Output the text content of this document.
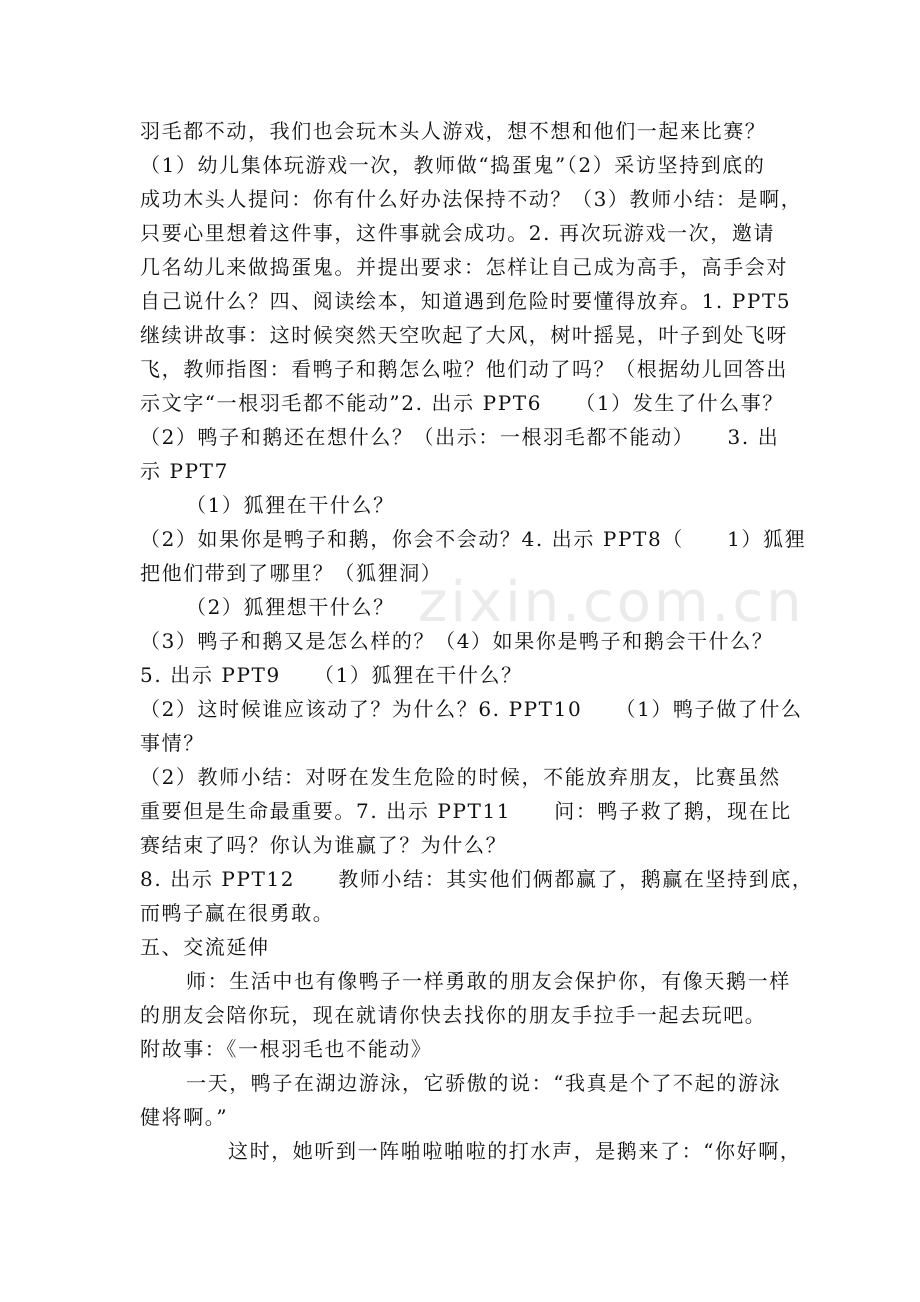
zixin.com.cn
羽毛都不动，我们也会玩木头人游戏，想不想和他们一起来比赛？
（1）幼儿集体玩游戏一次，教师做“捣蛋鬼”（2）采访坚持到底的
成功木头人提问：你有什么好办法保持不动？（3）教师小结：是啊，
只要心里想着这件事，这件事就会成功。2. 再次玩游戏一次，邀请
几名幼儿来做捣蛋鬼。并提出要求：怎样让自己成为高手，高手会对
自己说什么？四、阅读绘本，知道遇到危险时要懂得放弃。1. PPT5
继续讲故事：这时候突然天空吹起了大风，树叶摇晃，叶子到处飞呀
飞，教师指图：看鸭子和鹅怎么啦？他们动了吗？（根据幼儿回答出
示文字“一根羽毛都不能动”2. 出示 PPT6　　（1）发生了什么事？
（2）鸭子和鹅还在想什么？（出示：一根羽毛都不能动）　　3. 出
示 PPT7
（1）狐狸在干什么？
（2）如果你是鸭子和鹅，你会不会动？4. 出示 PPT8（　　1）狐狸
把他们带到了哪里？（狐狸洞）
（2）狐狸想干什么？
（3）鸭子和鹅又是怎么样的？（4）如果你是鸭子和鹅会干什么？
5. 出示 PPT9　　（1）狐狸在干什么？
（2）这时候谁应该动了？为什么？6. PPT10　　（1）鸭子做了什么
事情？
（2）教师小结：对呀在发生危险的时候，不能放弃朋友，比赛虽然
重要但是生命最重要。7. 出示 PPT11　　问：鸭子救了鹅，现在比
赛结束了吗？你认为谁赢了？为什么？
8. 出示 PPT12　　教师小结：其实他们俩都赢了，鹅赢在坚持到底，
而鸭子赢在很勇敢。
五、交流延伸
师：生活中也有像鸭子一样勇敢的朋友会保护你，有像天鹅一样
的朋友会陪你玩，现在就请你快去找你的朋友手拉手一起去玩吧。
附故事：《一根羽毛也不能动》
一天，鸭子在湖边游泳，它骄傲的说：“我真是个了不起的游泳
健将啊。”
这时，她听到一阵啪啦啪啦的打水声，是鹅来了：“你好啊，
